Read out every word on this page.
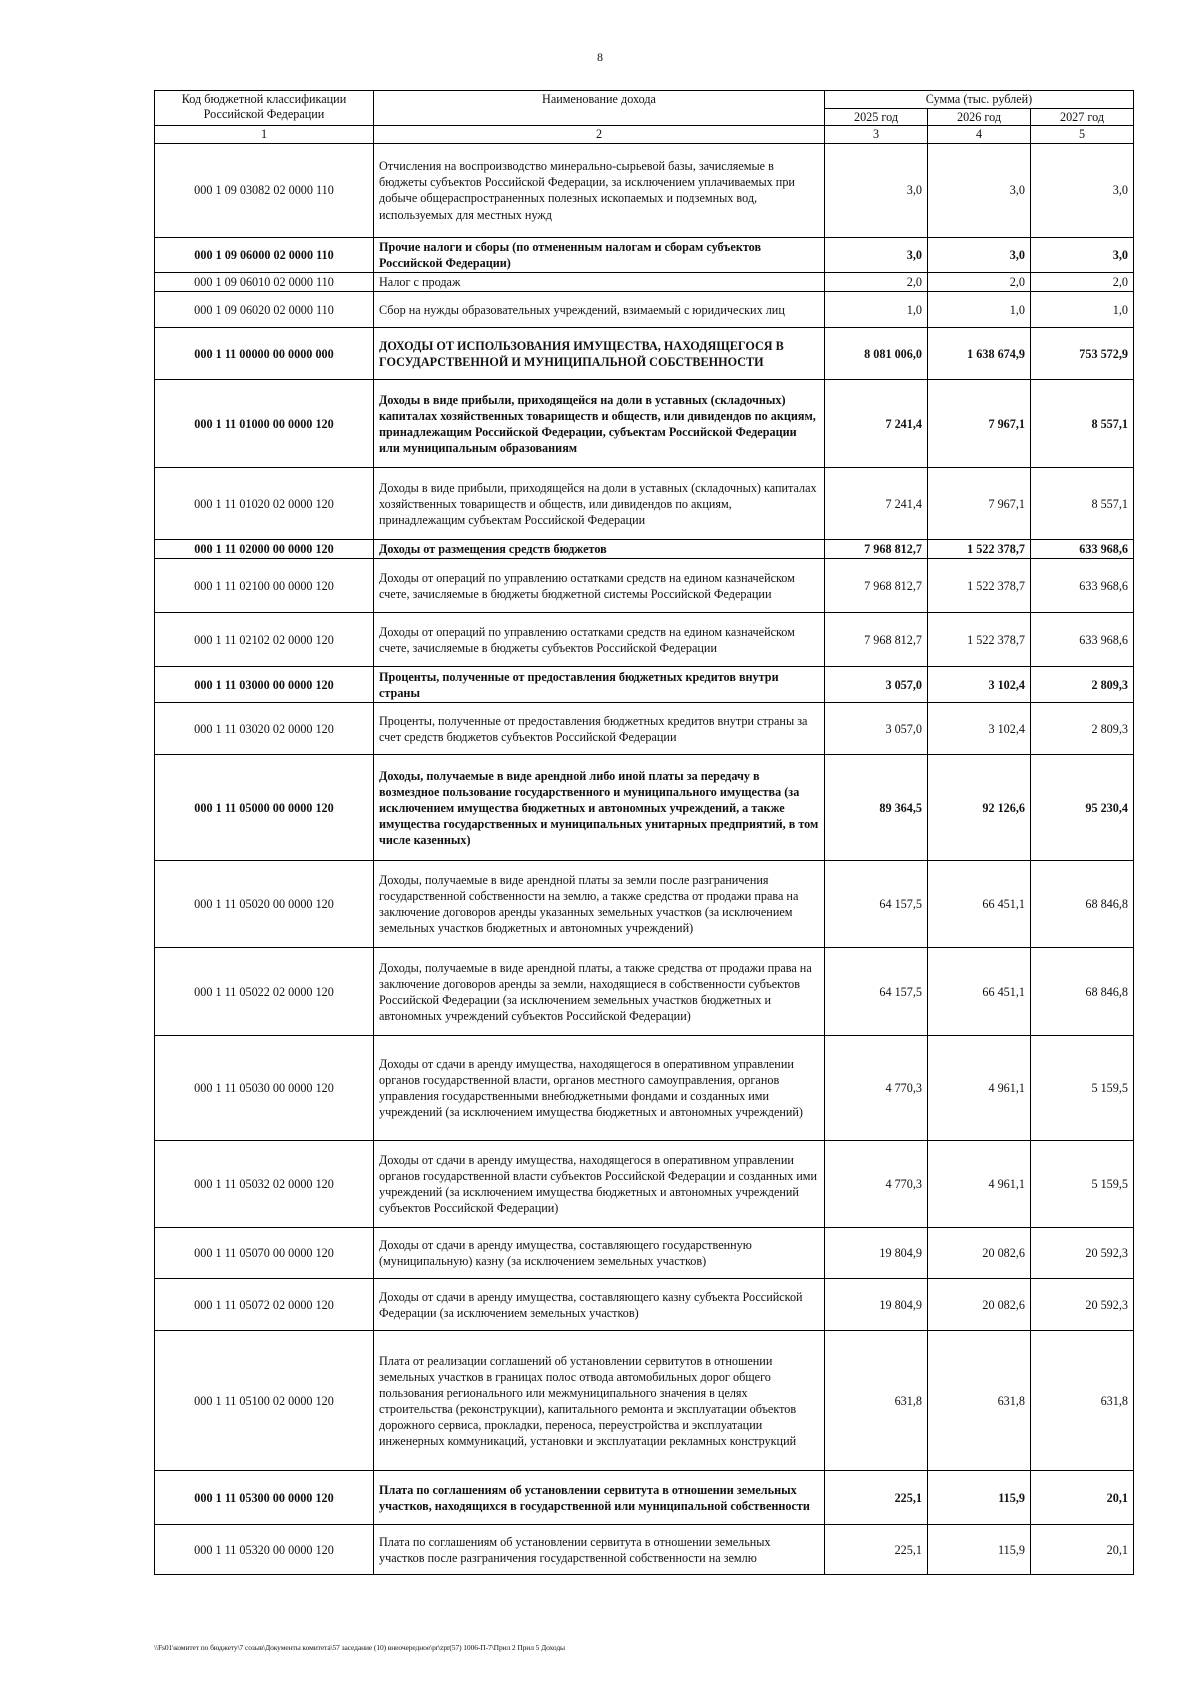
8
Код бюджетной классификации Российской Федерации	Наименование дохода	Сумма (тыс. рублей)		
		2025 год	2026 год	2027 год
1	2	3	4	5
000 1 09 03082 02 0000 110	Отчисления на воспроизводство минерально-сырьевой базы, зачисляемые в бюджеты субъектов Российской Федерации, за исключением уплачиваемых при добыче общераспространенных полезных ископаемых и подземных вод, используемых для местных нужд	3,0	3,0	3,0
000 1 09 06000 02 0000 110	Прочие налоги и сборы (по отмененным налогам и сборам субъектов Российской Федерации)	3,0	3,0	3,0
000 1 09 06010 02 0000 110	Налог с продаж	2,0	2,0	2,0
000 1 09 06020 02 0000 110	Сбор на нужды образовательных учреждений, взимаемый с юридических лиц	1,0	1,0	1,0
000 1 11 00000 00 0000 000	ДОХОДЫ ОТ ИСПОЛЬЗОВАНИЯ ИМУЩЕСТВА, НАХОДЯЩЕГОСЯ В ГОСУДАРСТВЕННОЙ И МУНИЦИПАЛЬНОЙ СОБСТВЕННОСТИ	8 081 006,0	1 638 674,9	753 572,9
000 1 11 01000 00 0000 120	Доходы в виде прибыли, приходящейся на доли в уставных (складочных) капиталах хозяйственных товариществ и обществ, или дивидендов по акциям, принадлежащим Российской Федерации, субъектам Российской Федерации или муниципальным образованиям	7 241,4	7 967,1	8 557,1
000 1 11 01020 02 0000 120	Доходы в виде прибыли, приходящейся на доли в уставных (складочных) капиталах хозяйственных товариществ и обществ, или дивидендов по акциям, принадлежащим субъектам Российской Федерации	7 241,4	7 967,1	8 557,1
000 1 11 02000 00 0000 120	Доходы от размещения средств бюджетов	7 968 812,7	1 522 378,7	633 968,6
000 1 11 02100 00 0000 120	Доходы от операций по управлению остатками средств на едином казначейском счете, зачисляемые в бюджеты бюджетной системы Российской Федерации	7 968 812,7	1 522 378,7	633 968,6
000 1 11 02102 02 0000 120	Доходы от операций по управлению остатками средств на едином казначейском счете, зачисляемые в бюджеты субъектов Российской Федерации	7 968 812,7	1 522 378,7	633 968,6
000 1 11 03000 00 0000 120	Проценты, полученные от предоставления бюджетных кредитов внутри страны	3 057,0	3 102,4	2 809,3
000 1 11 03020 02 0000 120	Проценты, полученные от предоставления бюджетных кредитов внутри страны за счет средств бюджетов субъектов Российской Федерации	3 057,0	3 102,4	2 809,3
000 1 11 05000 00 0000 120	Доходы, получаемые в виде арендной либо иной платы за передачу в возмездное пользование государственного и муниципального имущества (за исключением имущества бюджетных и автономных учреждений, а также имущества государственных и муниципальных унитарных предприятий, в том числе казенных)	89 364,5	92 126,6	95 230,4
000 1 11 05020 00 0000 120	Доходы, получаемые в виде арендной платы за земли после разграничения государственной собственности на землю, а также средства от продажи права на заключение договоров аренды указанных земельных участков (за исключением земельных участков бюджетных и автономных учреждений)	64 157,5	66 451,1	68 846,8
000 1 11 05022 02 0000 120	Доходы, получаемые в виде арендной платы, а также средства от продажи права на заключение договоров аренды за земли, находящиеся в собственности субъектов Российской Федерации (за исключением земельных участков бюджетных и автономных учреждений субъектов Российской Федерации)	64 157,5	66 451,1	68 846,8
000 1 11 05030 00 0000 120	Доходы от сдачи в аренду имущества, находящегося в оперативном управлении органов государственной власти, органов местного самоуправления, органов управления государственными внебюджетными фондами и созданных ими учреждений (за исключением имущества бюджетных и автономных учреждений)	4 770,3	4 961,1	5 159,5
000 1 11 05032 02 0000 120	Доходы от сдачи в аренду имущества, находящегося в оперативном управлении органов государственной власти субъектов Российской Федерации и созданных ими учреждений (за исключением имущества бюджетных и автономных учреждений субъектов Российской Федерации)	4 770,3	4 961,1	5 159,5
000 1 11 05070 00 0000 120	Доходы от сдачи в аренду имущества, составляющего государственную (муниципальную) казну (за исключением земельных участков)	19 804,9	20 082,6	20 592,3
000 1 11 05072 02 0000 120	Доходы от сдачи в аренду имущества, составляющего казну субъекта Российской Федерации (за исключением земельных участков)	19 804,9	20 082,6	20 592,3
000 1 11 05100 02 0000 120	Плата от реализации соглашений об установлении сервитутов в отношении земельных участков в границах полос отвода автомобильных дорог общего пользования регионального или межмуниципального значения в целях строительства (реконструкции), капитального ремонта и эксплуатации объектов дорожного сервиса, прокладки, переноса, переустройства и эксплуатации инженерных коммуникаций, установки и эксплуатации рекламных конструкций	631,8	631,8	631,8
000 1 11 05300 00 0000 120	Плата по соглашениям об установлении сервитута в отношении земельных участков, находящихся в государственной или муниципальной собственности	225,1	115,9	20,1
000 1 11 05320 00 0000 120	Плата по соглашениям об установлении сервитута в отношении земельных участков после разграничения государственной собственности на землю	225,1	115,9	20,1
\\Fs01\комитет по бюджету\7 созыв\Документы комитета\57 заседание (10) внеочередное\pr\zpr(57) 1006-П-7\Прил 2 Прил 5 Доходы
